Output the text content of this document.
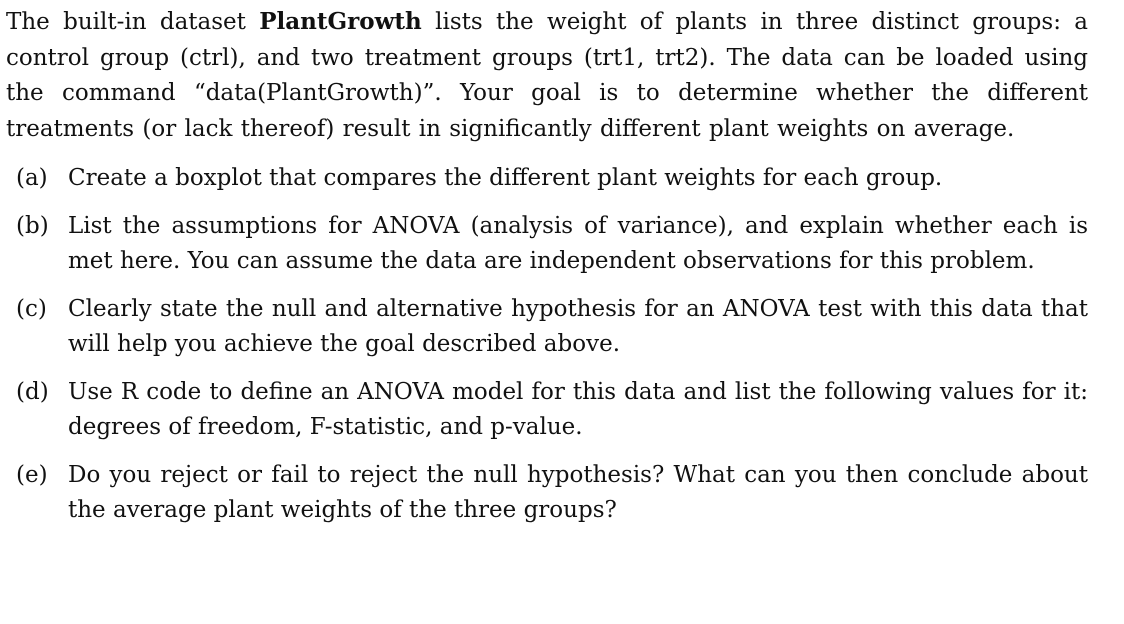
The built-in dataset PlantGrowth lists the weight of plants in three distinct groups: a control group (ctrl), and two treatment groups (trt1, trt2). The data can be loaded using the command “data(PlantGrowth)”. Your goal is to determine whether the different treatments (or lack thereof) result in significantly different plant weights on average.

(a) Create a boxplot that compares the different plant weights for each group.
(b) List the assumptions for ANOVA (analysis of variance), and explain whether each is met here. You can assume the data are independent observations for this problem.
(c) Clearly state the null and alternative hypothesis for an ANOVA test with this data that will help you achieve the goal described above.
(d) Use R code to define an ANOVA model for this data and list the following values for it: degrees of freedom, F-statistic, and p-value.
(e) Do you reject or fail to reject the null hypothesis? What can you then conclude about the average plant weights of the three groups?
